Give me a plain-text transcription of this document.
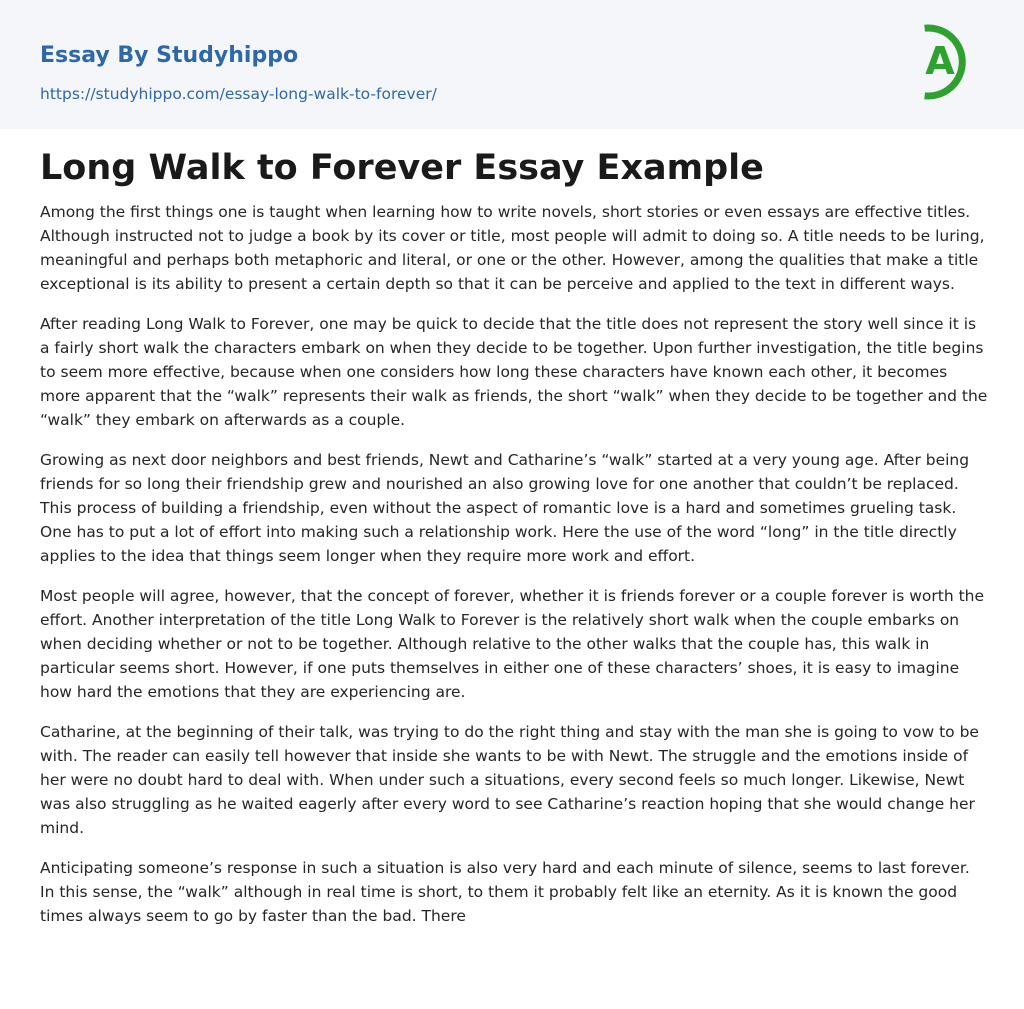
Essay By Studyhippo
https://studyhippo.com/essay-long-walk-to-forever/
A
Long Walk to Forever Essay Example

Among the first things one is taught when learning how to write novels, short stories or even essays are effective titles. Although instructed not to judge a book by its cover or title, most people will admit to doing so. A title needs to be luring, meaningful and perhaps both metaphoric and literal, or one or the other. However, among the qualities that make a title exceptional is its ability to present a certain depth so that it can be perceive and applied to the text in different ways.

After reading Long Walk to Forever, one may be quick to decide that the title does not represent the story well since it is a fairly short walk the characters embark on when they decide to be together. Upon further investigation, the title begins to seem more effective, because when one considers how long these characters have known each other, it becomes more apparent that the “walk” represents their walk as friends, the short “walk” when they decide to be together and the “walk” they embark on afterwards as a couple.

Growing as next door neighbors and best friends, Newt and Catharine’s “walk” started at a very young age. After being friends for so long their friendship grew and nourished an also growing love for one another that couldn’t be replaced. This process of building a friendship, even without the aspect of romantic love is a hard and sometimes grueling task. One has to put a lot of effort into making such a relationship work. Here the use of the word “long” in the title directly applies to the idea that things seem longer when they require more work and effort.

Most people will agree, however, that the concept of forever, whether it is friends forever or a couple forever is worth the effort. Another interpretation of the title Long Walk to Forever is the relatively short walk when the couple embarks on when deciding whether or not to be together. Although relative to the other walks that the couple has, this walk in particular seems short. However, if one puts themselves in either one of these characters’ shoes, it is easy to imagine how hard the emotions that they are experiencing are.

Catharine, at the beginning of their talk, was trying to do the right thing and stay with the man she is going to vow to be with. The reader can easily tell however that inside she wants to be with Newt. The struggle and the emotions inside of her were no doubt hard to deal with. When under such a situations, every second feels so much longer. Likewise, Newt was also struggling as he waited eagerly after every word to see Catharine’s reaction hoping that she would change her mind.

Anticipating someone’s response in such a situation is also very hard and each minute of silence, seems to last forever. In this sense, the “walk” although in real time is short, to them it probably felt like an eternity. As it is known the good times always seem to go by faster than the bad. There
